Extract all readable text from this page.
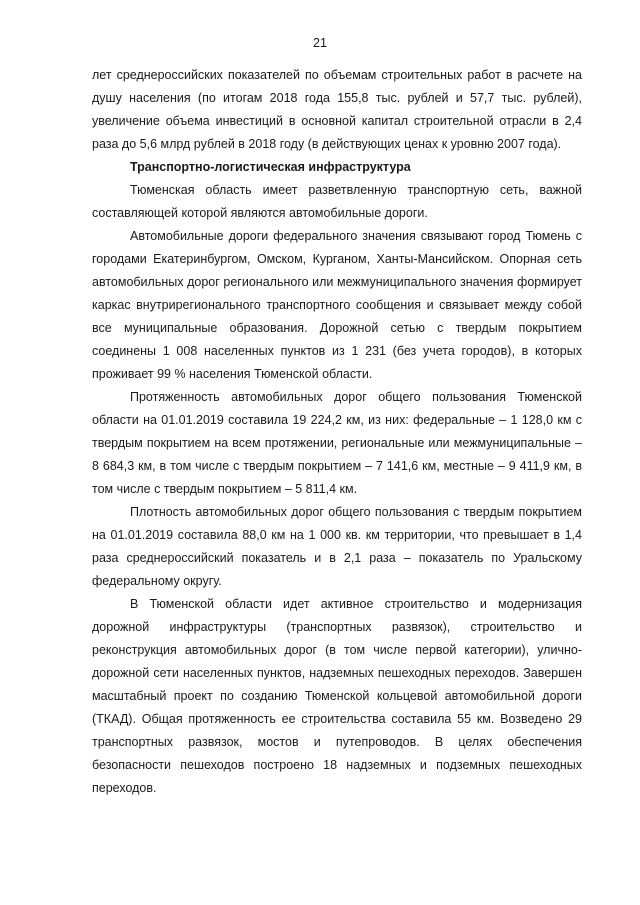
21

лет среднероссийских показателей по объемам строительных работ в расчете на душу населения (по итогам 2018 года 155,8 тыс. рублей и 57,7 тыс. рублей), увеличение объема инвестиций в основной капитал строительной отрасли в 2,4 раза до 5,6 млрд рублей в 2018 году (в действующих ценах к уровню 2007 года).

Транспортно-логистическая инфраструктура

Тюменская область имеет разветвленную транспортную сеть, важной составляющей которой являются автомобильные дороги.

Автомобильные дороги федерального значения связывают город Тюмень с городами Екатеринбургом, Омском, Курганом, Ханты-Мансийском. Опорная сеть автомобильных дорог регионального или межмуниципального значения формирует каркас внутрирегионального транспортного сообщения и связывает между собой все муниципальные образования. Дорожной сетью с твердым покрытием соединены 1 008 населенных пунктов из 1 231 (без учета городов), в которых проживает 99 % населения Тюменской области.

Протяженность автомобильных дорог общего пользования Тюменской области на 01.01.2019 составила 19 224,2 км, из них: федеральные – 1 128,0 км с твердым покрытием на всем протяжении, региональные или межмуниципальные – 8 684,3 км, в том числе с твердым покрытием – 7 141,6 км, местные – 9 411,9 км, в том числе с твердым покрытием – 5 811,4 км.

Плотность автомобильных дорог общего пользования с твердым покрытием на 01.01.2019 составила 88,0 км на 1 000 кв. км территории, что превышает в 1,4 раза среднероссийский показатель и в 2,1 раза – показатель по Уральскому федеральному округу.

В Тюменской области идет активное строительство и модернизация дорожной инфраструктуры (транспортных развязок), строительство и реконструкция автомобильных дорог (в том числе первой категории), улично-дорожной сети населенных пунктов, надземных пешеходных переходов. Завершен масштабный проект по созданию Тюменской кольцевой автомобильной дороги (ТКАД). Общая протяженность ее строительства составила 55 км. Возведено 29 транспортных развязок, мостов и путепроводов. В целях обеспечения безопасности пешеходов построено 18 надземных и подземных пешеходных переходов.
